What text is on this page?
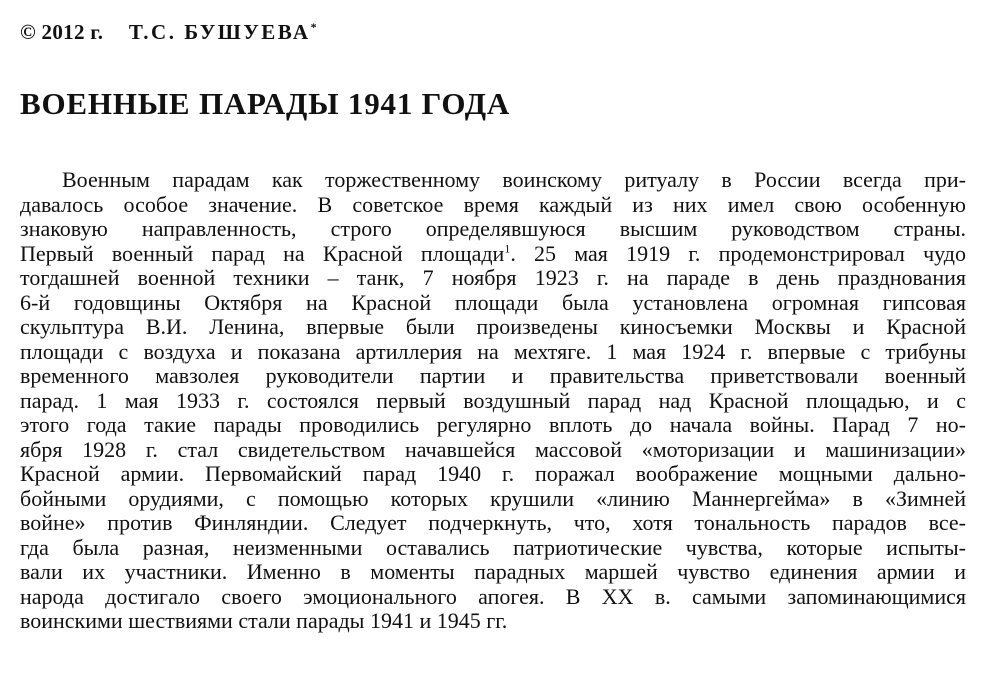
© 2012 г. Т.С. БУШУЕВА*
ВОЕННЫЕ ПАРАДЫ 1941 ГОДА
Военным парадам как торжественному воинскому ритуалу в России всегда при-
давалось особое значение. В советское время каждый из них имел свою особенную
знаковую направленность, строго определявшуюся высшим руководством страны.
Первый военный парад на Красной площади$^1$. 25 мая 1919 г. продемонстрировал чудо
тогдашней военной техники – танк, 7 ноября 1923 г. на параде в день празднования
6-й годовщины Октября на Красной площади была установлена огромная гипсовая
скульптура В.И. Ленина, впервые были произведены киносъемки Москвы и Красной
площади с воздуха и показана артиллерия на мехтяге. 1 мая 1924 г. впервые с трибуны
временного мавзолея руководители партии и правительства приветствовали военный
парад. 1 мая 1933 г. состоялся первый воздушный парад над Красной площадью, и с
этого года такие парады проводились регулярно вплоть до начала войны. Парад 7 но-
ября 1928 г. стал свидетельством начавшейся массовой «моторизации и машинизации»
Красной армии. Первомайский парад 1940 г. поражал воображение мощными дально-
бойными орудиями, с помощью которых крушили «линию Маннергейма» в «Зимней
войне» против Финляндии. Следует подчеркнуть, что, хотя тональность парадов все-
гда была разная, неизменными оставались патриотические чувства, которые испыты-
вали их участники. Именно в моменты парадных маршей чувство единения армии и
народа достигало своего эмоционального апогея. В XX в. самыми запоминающимися
воинскими шествиями стали парады 1941 и 1945 гг.
